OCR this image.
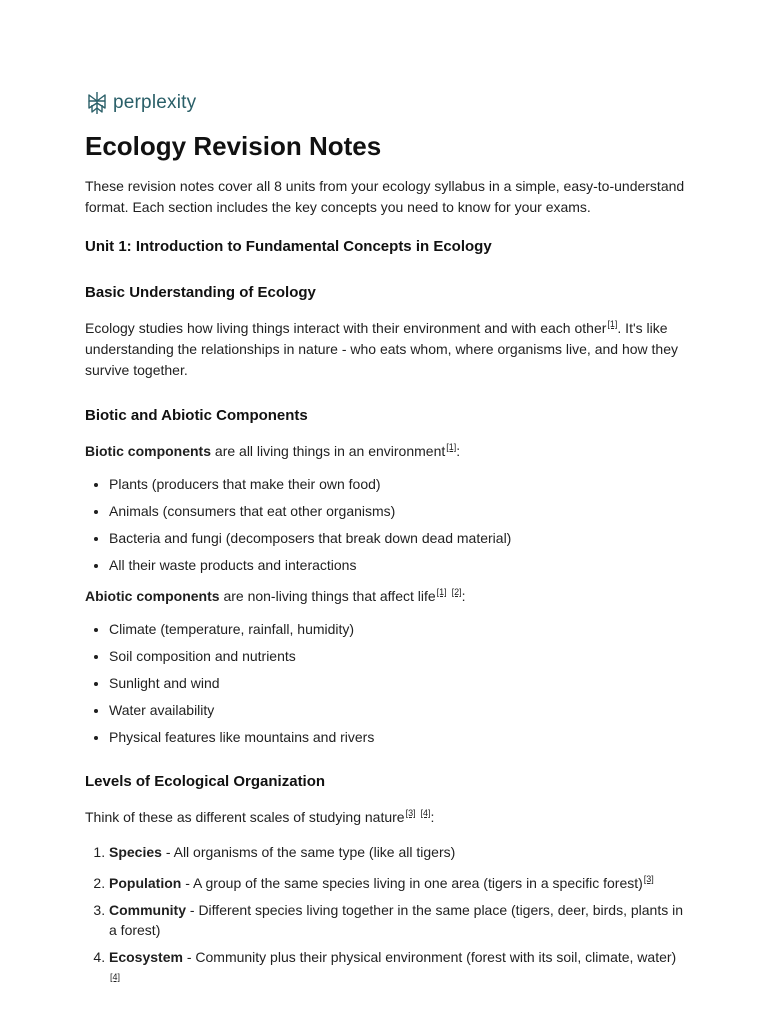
perplexity
Ecology Revision Notes

These revision notes cover all 8 units from your ecology syllabus in a simple, easy-to-understand format. Each section includes the key concepts you need to know for your exams.

Unit 1: Introduction to Fundamental Concepts in Ecology
Basic Understanding of Ecology

Ecology studies how living things interact with their environment and with each other[1]. It's like understanding the relationships in nature - who eats whom, where organisms live, and how they survive together.

Biotic and Abiotic Components

Biotic components are all living things in an environment[1]:

• Plants (producers that make their own food)
• Animals (consumers that eat other organisms)
• Bacteria and fungi (decomposers that break down dead material)
• All their waste products and interactions

Abiotic components are non-living things that affect life[1] [2]:

• Climate (temperature, rainfall, humidity)
• Soil composition and nutrients
• Sunlight and wind
• Water availability
• Physical features like mountains and rivers
Levels of Ecological Organization

Think of these as different scales of studying nature[3] [4]:

1. Species - All organisms of the same type (like all tigers)
2. Population - A group of the same species living in one area (tigers in a specific forest)[3]
3. Community - Different species living together in the same place (tigers, deer, birds, plants in a forest)
4. Ecosystem - Community plus their physical environment (forest with its soil, climate, water) [4]
